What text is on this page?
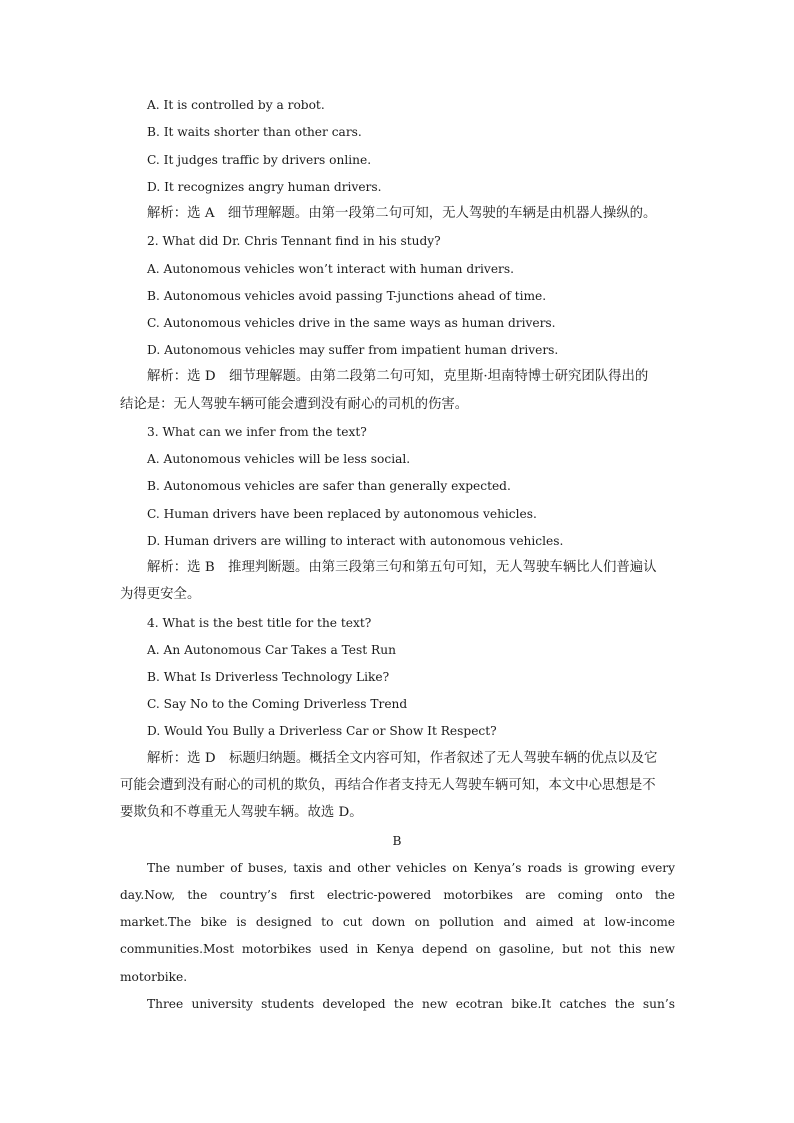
A. It is controlled by a robot.
B. It waits shorter than other cars.
C. It judges traffic by drivers online.
D. It recognizes angry human drivers.
解析：选 A　细节理解题。由第一段第二句可知，无人驾驶的车辆是由机器人操纵的。
2. What did Dr. Chris Tennant find in his study?
A. Autonomous vehicles won’t interact with human drivers.
B. Autonomous vehicles avoid passing T-junctions ahead of time.
C. Autonomous vehicles drive in the same ways as human drivers.
D. Autonomous vehicles may suffer from impatient human drivers.
解析：选 D　细节理解题。由第二段第二句可知，克里斯·坦南特博士研究团队得出的
结论是：无人驾驶车辆可能会遭到没有耐心的司机的伤害。
3. What can we infer from the text?
A. Autonomous vehicles will be less social.
B. Autonomous vehicles are safer than generally expected.
C. Human drivers have been replaced by autonomous vehicles.
D. Human drivers are willing to interact with autonomous vehicles.
解析：选 B　推理判断题。由第三段第三句和第五句可知，无人驾驶车辆比人们普遍认
为得更安全。
4. What is the best title for the text?
A. An Autonomous Car Takes a Test Run
B. What Is Driverless Technology Like?
C. Say No to the Coming Driverless Trend
D. Would You Bully a Driverless Car or Show It Respect?
解析：选 D　标题归纳题。概括全文内容可知，作者叙述了无人驾驶车辆的优点以及它
可能会遭到没有耐心的司机的欺负，再结合作者支持无人驾驶车辆可知，本文中心思想是不
要欺负和不尊重无人驾驶车辆。故选 D。
B
The number of buses, taxis and other vehicles on Kenya’s roads is growing every
day.Now, the country’s first electric-powered motorbikes are coming onto the
market.The bike is designed to cut down on pollution and aimed at low-income
communities.Most motorbikes used in Kenya depend on gasoline, but not this new
motorbike.
Three university students developed the new ecotran bike.It catches the sun’s
